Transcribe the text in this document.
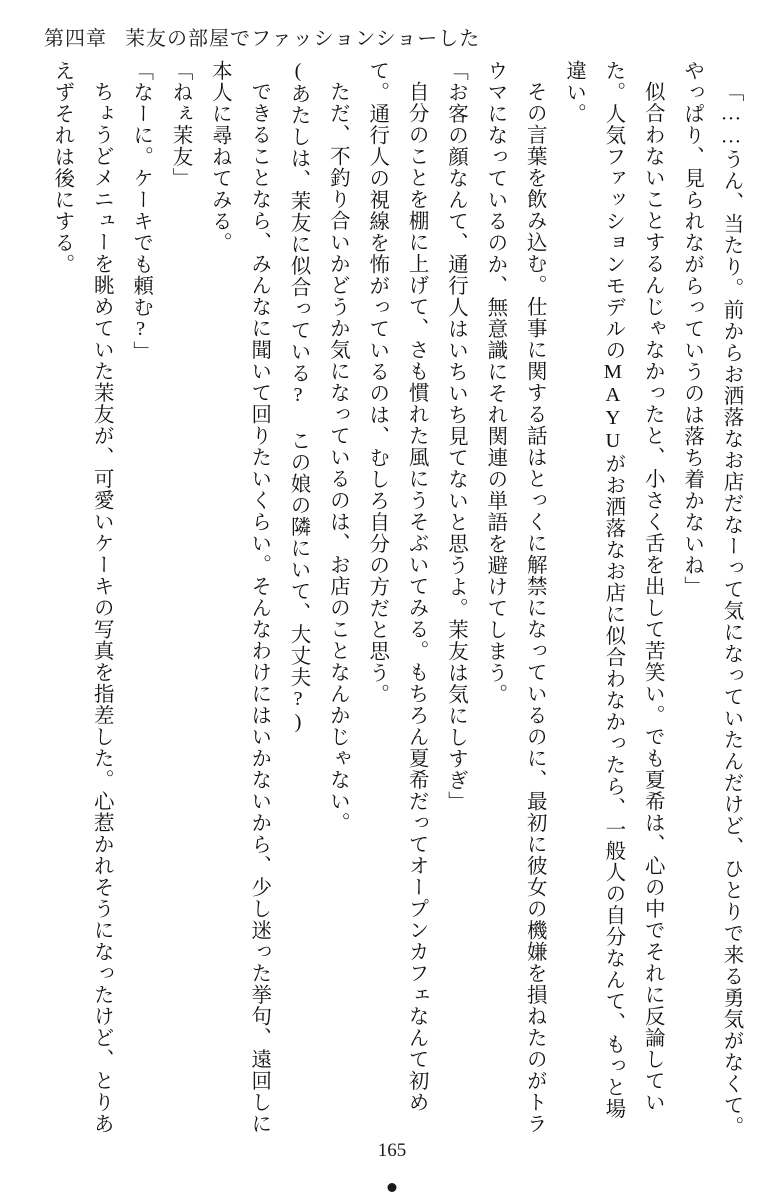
第四章 茉友の部屋でファッションショーした

「……うん、当たり。前からお洒落なお店だなーって気になっていたんだけど、ひとりで来る勇気がなくて。やっぱり、見られながらっていうのは落ち着かないね」

似合わないことするんじゃなかったと、小さく舌を出して苦笑い。でも夏希は、心の中でそれに反論していた。人気ファッションモデルのMAYUがお洒落なお店に似合わなかったら、一般人の自分なんて、もっと場違い。

その言葉を飲み込む。仕事に関する話はとっくに解禁になっているのに、最初に彼女の機嫌を損ねたのがトラウマになっているのか、無意識にそれ関連の単語を避けてしまう。

「お客の顔なんて、通行人はいちいち見てないと思うよ。茉友は気にしすぎ」

自分のことを棚に上げて、さも慣れた風にうそぶいてみる。もちろん夏希だってオープンカフェなんて初めて。通行人の視線を怖がっているのは、むしろ自分の方だと思う。

ただ、不釣り合いかどうか気になっているのは、お店のことなんかじゃない。

(あたしは、茉友に似合っている? この娘の隣にいて、大丈夫?)

できることなら、みんなに聞いて回りたいくらい。そんなわけにはいかないから、少し迷った挙句、遠回しに本人に尋ねてみる。

「ねぇ茉友」

「なーに。ケーキでも頼む?」

ちょうどメニューを眺めていた茉友が、可愛いケーキの写真を指差した。心惹かれそうになったけど、とりあえずそれは後にする。

165
